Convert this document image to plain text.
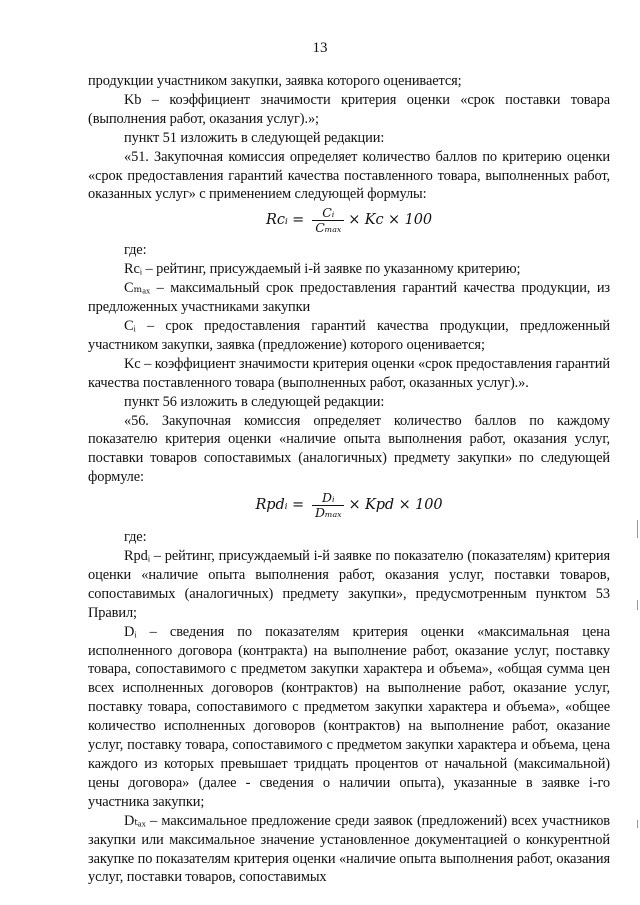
13

продукции участником закупки, заявка которого оценивается;

Kb – коэффициент значимости критерия оценки «срок поставки товара (выполнения работ, оказания услуг).»;

пункт 51 изложить в следующей редакции:

«51. Закупочная комиссия определяет количество баллов по критерию оценки «срок предоставления гарантий качества поставленного товара, выполненных работ, оказанных услуг» с применением следующей формулы:

Rcᵢ = $\frac{\text{Cᵢ}}{\text{Cₘₐₓ}} \times Kc \times 100$

где:

Rcᵢ – рейтинг, присуждаемый i-й заявке по указанному критерию;

Cₘₐₓ – максимальный срок предоставления гарантий качества продукции, из предложенных участниками закупки

Cᵢ – срок предоставления гарантий качества продукции, предложенный участником закупки, заявка (предложение) которого оценивается;

Kc – коэффициент значимости критерия оценки «срок предоставления гарантий качества поставленного товара (выполненных работ, оказанных услуг).».

пункт 56 изложить в следующей редакции:

«56. Закупочная комиссия определяет количество баллов по каждому показателю критерия оценки «наличие опыта выполнения работ, оказания услуг, поставки товаров сопоставимых (аналогичных) предмету закупки» по следующей формуле:

Rpdᵢ = $\frac{\text{Dᵢ}}{\text{Dₘₐₓ}}$ × Kpd × 100

где:

Rpdᵢ – рейтинг, присуждаемый i-й заявке по показателю (показателям) критерия оценки «наличие опыта выполнения работ, оказания услуг, поставки товаров, сопоставимых (аналогичных) предмету закупки», предусмотренным пунктом 53 Правил;

Dᵢ – сведения по показателям критерия оценки «максимальная цена исполненного договора (контракта) на выполнение работ, оказание услуг, поставку товара, сопоставимого с предметом закупки характера и объема», «общая сумма цен всех исполненных договоров (контрактов) на выполнение работ, оказание услуг, поставку товара, сопоставимого с предметом закупки характера и объема», «общее количество исполненных договоров (контрактов) на выполнение работ, оказание услуг, поставку товара, сопоставимого с предметом закупки характера и объема, цена каждого из которых превышает тридцать процентов от начальной (максимальной) цены договора» (далее - сведения о наличии опыта), указанные в заявке i-го участника закупки;

Dₜₐₓ – максимальное предложение среди заявок (предложений) всех участников закупки или максимальное значение установленное документацией о конкурентной закупке по показателям критерия оценки «наличие опыта выполнения работ, оказания услуг, поставки товаров, сопоставимых
